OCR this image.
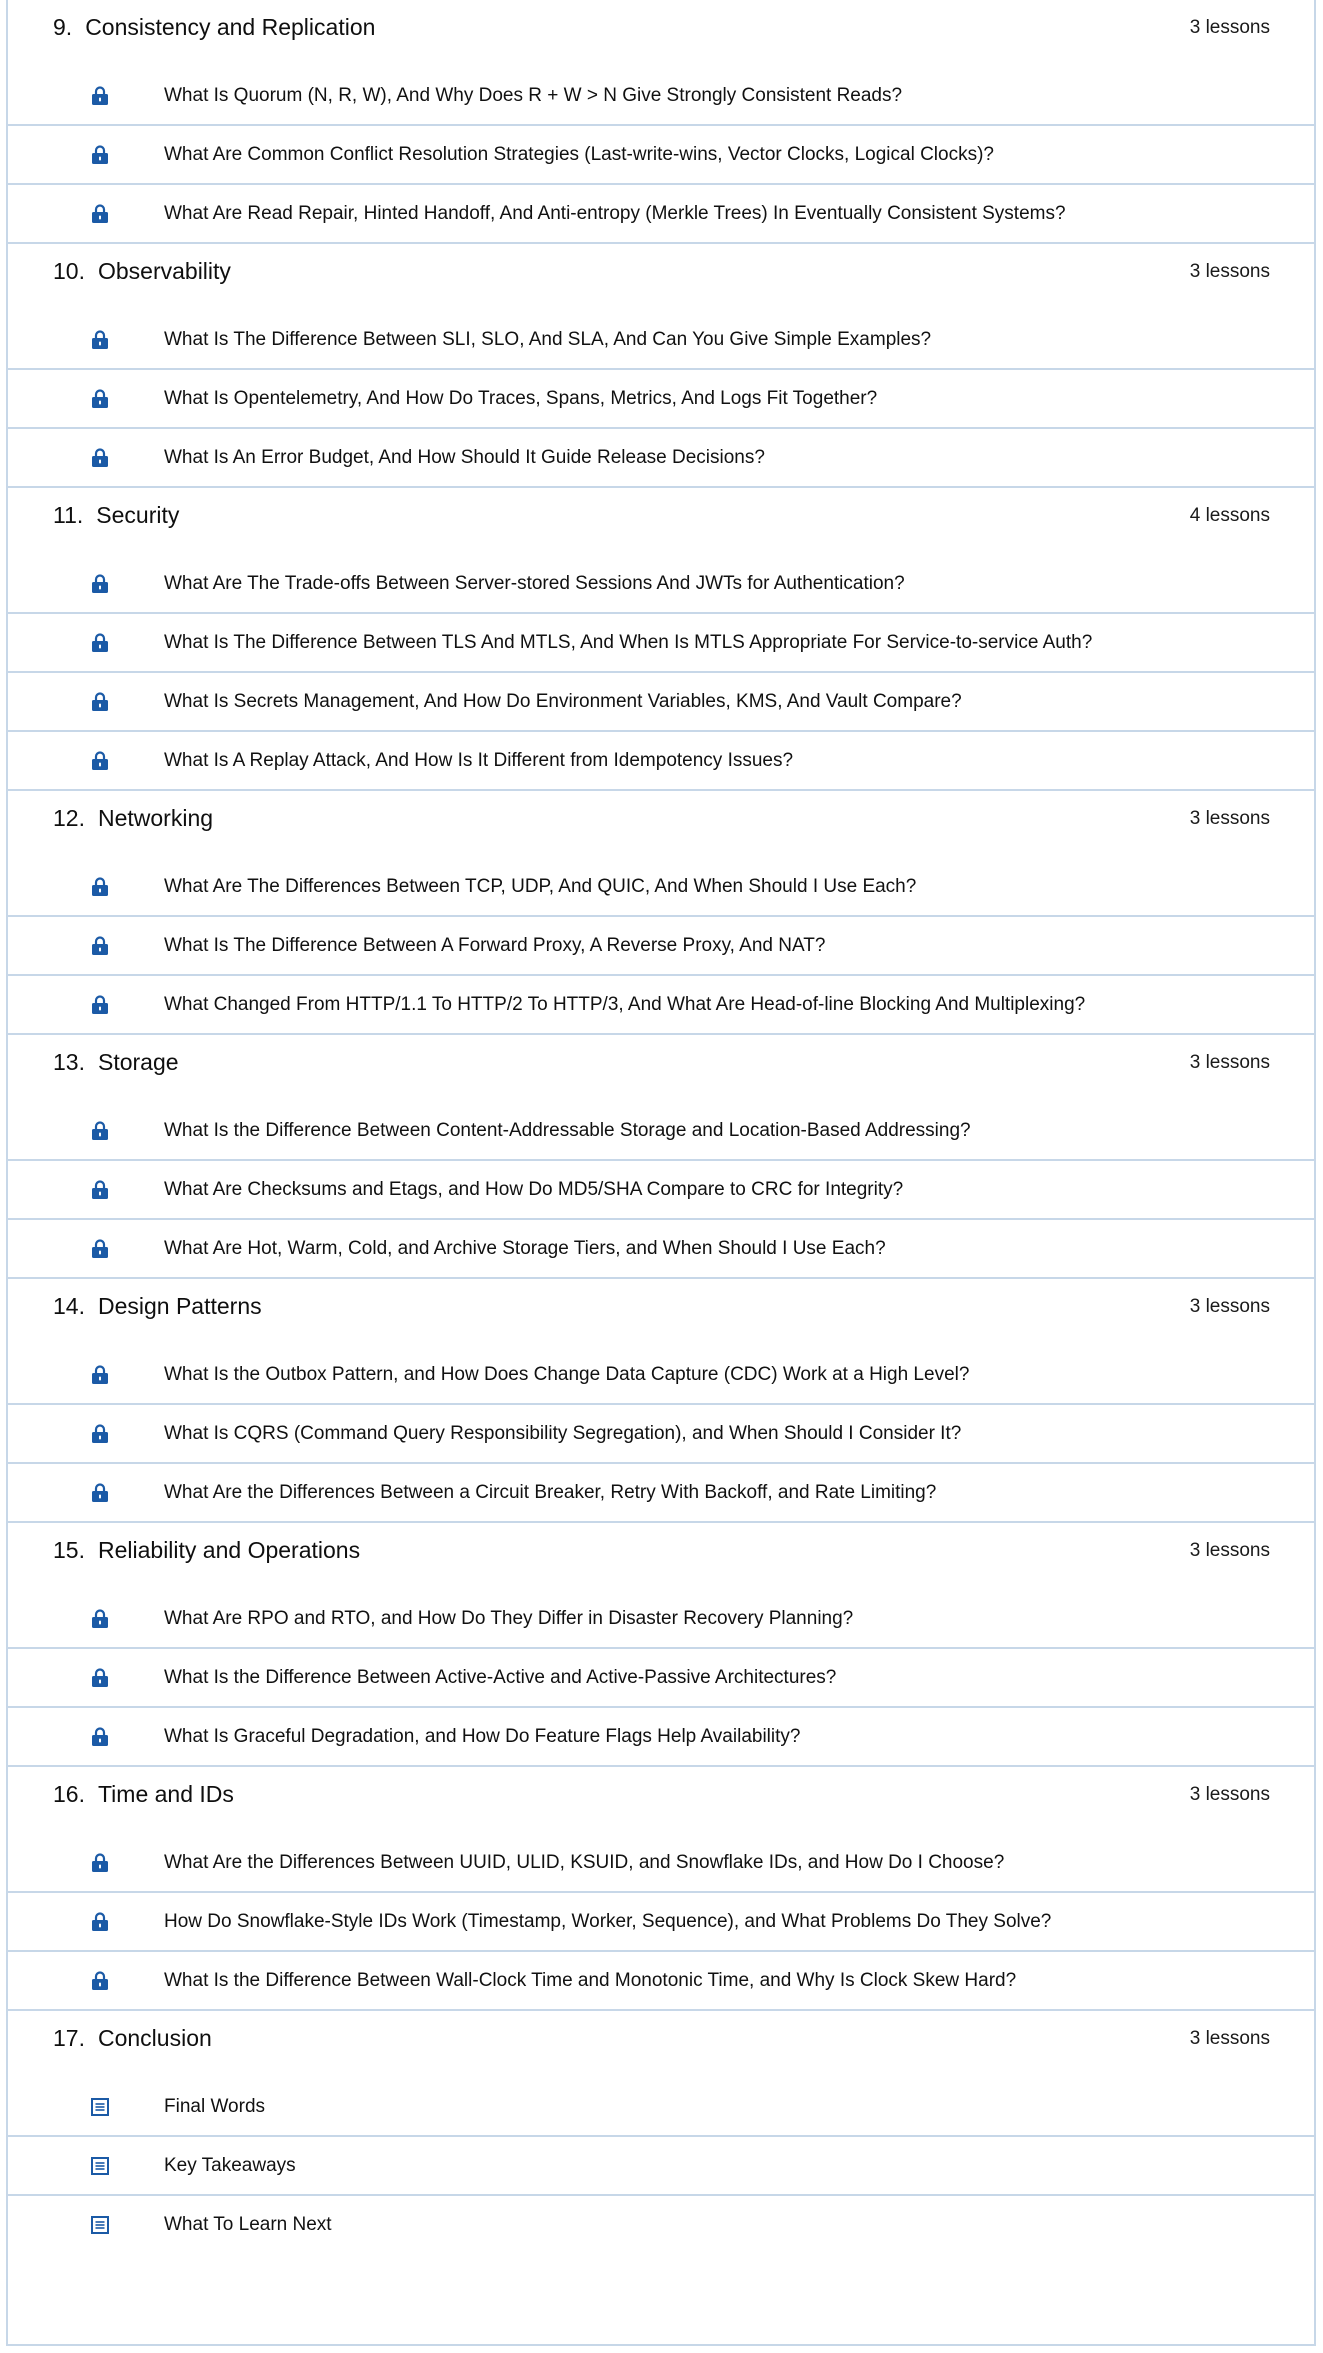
9. Consistency and Replication	3 lessons
What Is Quorum (N, R, W), And Why Does R + W > N Give Strongly Consistent Reads?
What Are Common Conflict Resolution Strategies (Last-write-wins, Vector Clocks, Logical Clocks)?
What Are Read Repair, Hinted Handoff, And Anti-entropy (Merkle Trees) In Eventually Consistent Systems?
10. Observability	3 lessons
What Is The Difference Between SLI, SLO, And SLA, And Can You Give Simple Examples?
What Is Opentelemetry, And How Do Traces, Spans, Metrics, And Logs Fit Together?
What Is An Error Budget, And How Should It Guide Release Decisions?
11. Security	4 lessons
What Are The Trade-offs Between Server-stored Sessions And JWTs for Authentication?
What Is The Difference Between TLS And MTLS, And When Is MTLS Appropriate For Service-to-service Auth?
What Is Secrets Management, And How Do Environment Variables, KMS, And Vault Compare?
What Is A Replay Attack, And How Is It Different from Idempotency Issues?
12. Networking	3 lessons
What Are The Differences Between TCP, UDP, And QUIC, And When Should I Use Each?
What Is The Difference Between A Forward Proxy, A Reverse Proxy, And NAT?
What Changed From HTTP/1.1 To HTTP/2 To HTTP/3, And What Are Head-of-line Blocking And Multiplexing?
13. Storage	3 lessons
What Is the Difference Between Content-Addressable Storage and Location-Based Addressing?
What Are Checksums and Etags, and How Do MD5/SHA Compare to CRC for Integrity?
What Are Hot, Warm, Cold, and Archive Storage Tiers, and When Should I Use Each?
14. Design Patterns	3 lessons
What Is the Outbox Pattern, and How Does Change Data Capture (CDC) Work at a High Level?
What Is CQRS (Command Query Responsibility Segregation), and When Should I Consider It?
What Are the Differences Between a Circuit Breaker, Retry With Backoff, and Rate Limiting?
15. Reliability and Operations	3 lessons
What Are RPO and RTO, and How Do They Differ in Disaster Recovery Planning?
What Is the Difference Between Active-Active and Active-Passive Architectures?
What Is Graceful Degradation, and How Do Feature Flags Help Availability?
16. Time and IDs	3 lessons
What Are the Differences Between UUID, ULID, KSUID, and Snowflake IDs, and How Do I Choose?
How Do Snowflake-Style IDs Work (Timestamp, Worker, Sequence), and What Problems Do They Solve?
What Is the Difference Between Wall-Clock Time and Monotonic Time, and Why Is Clock Skew Hard?
17. Conclusion	3 lessons
Final Words
Key Takeaways
What To Learn Next
